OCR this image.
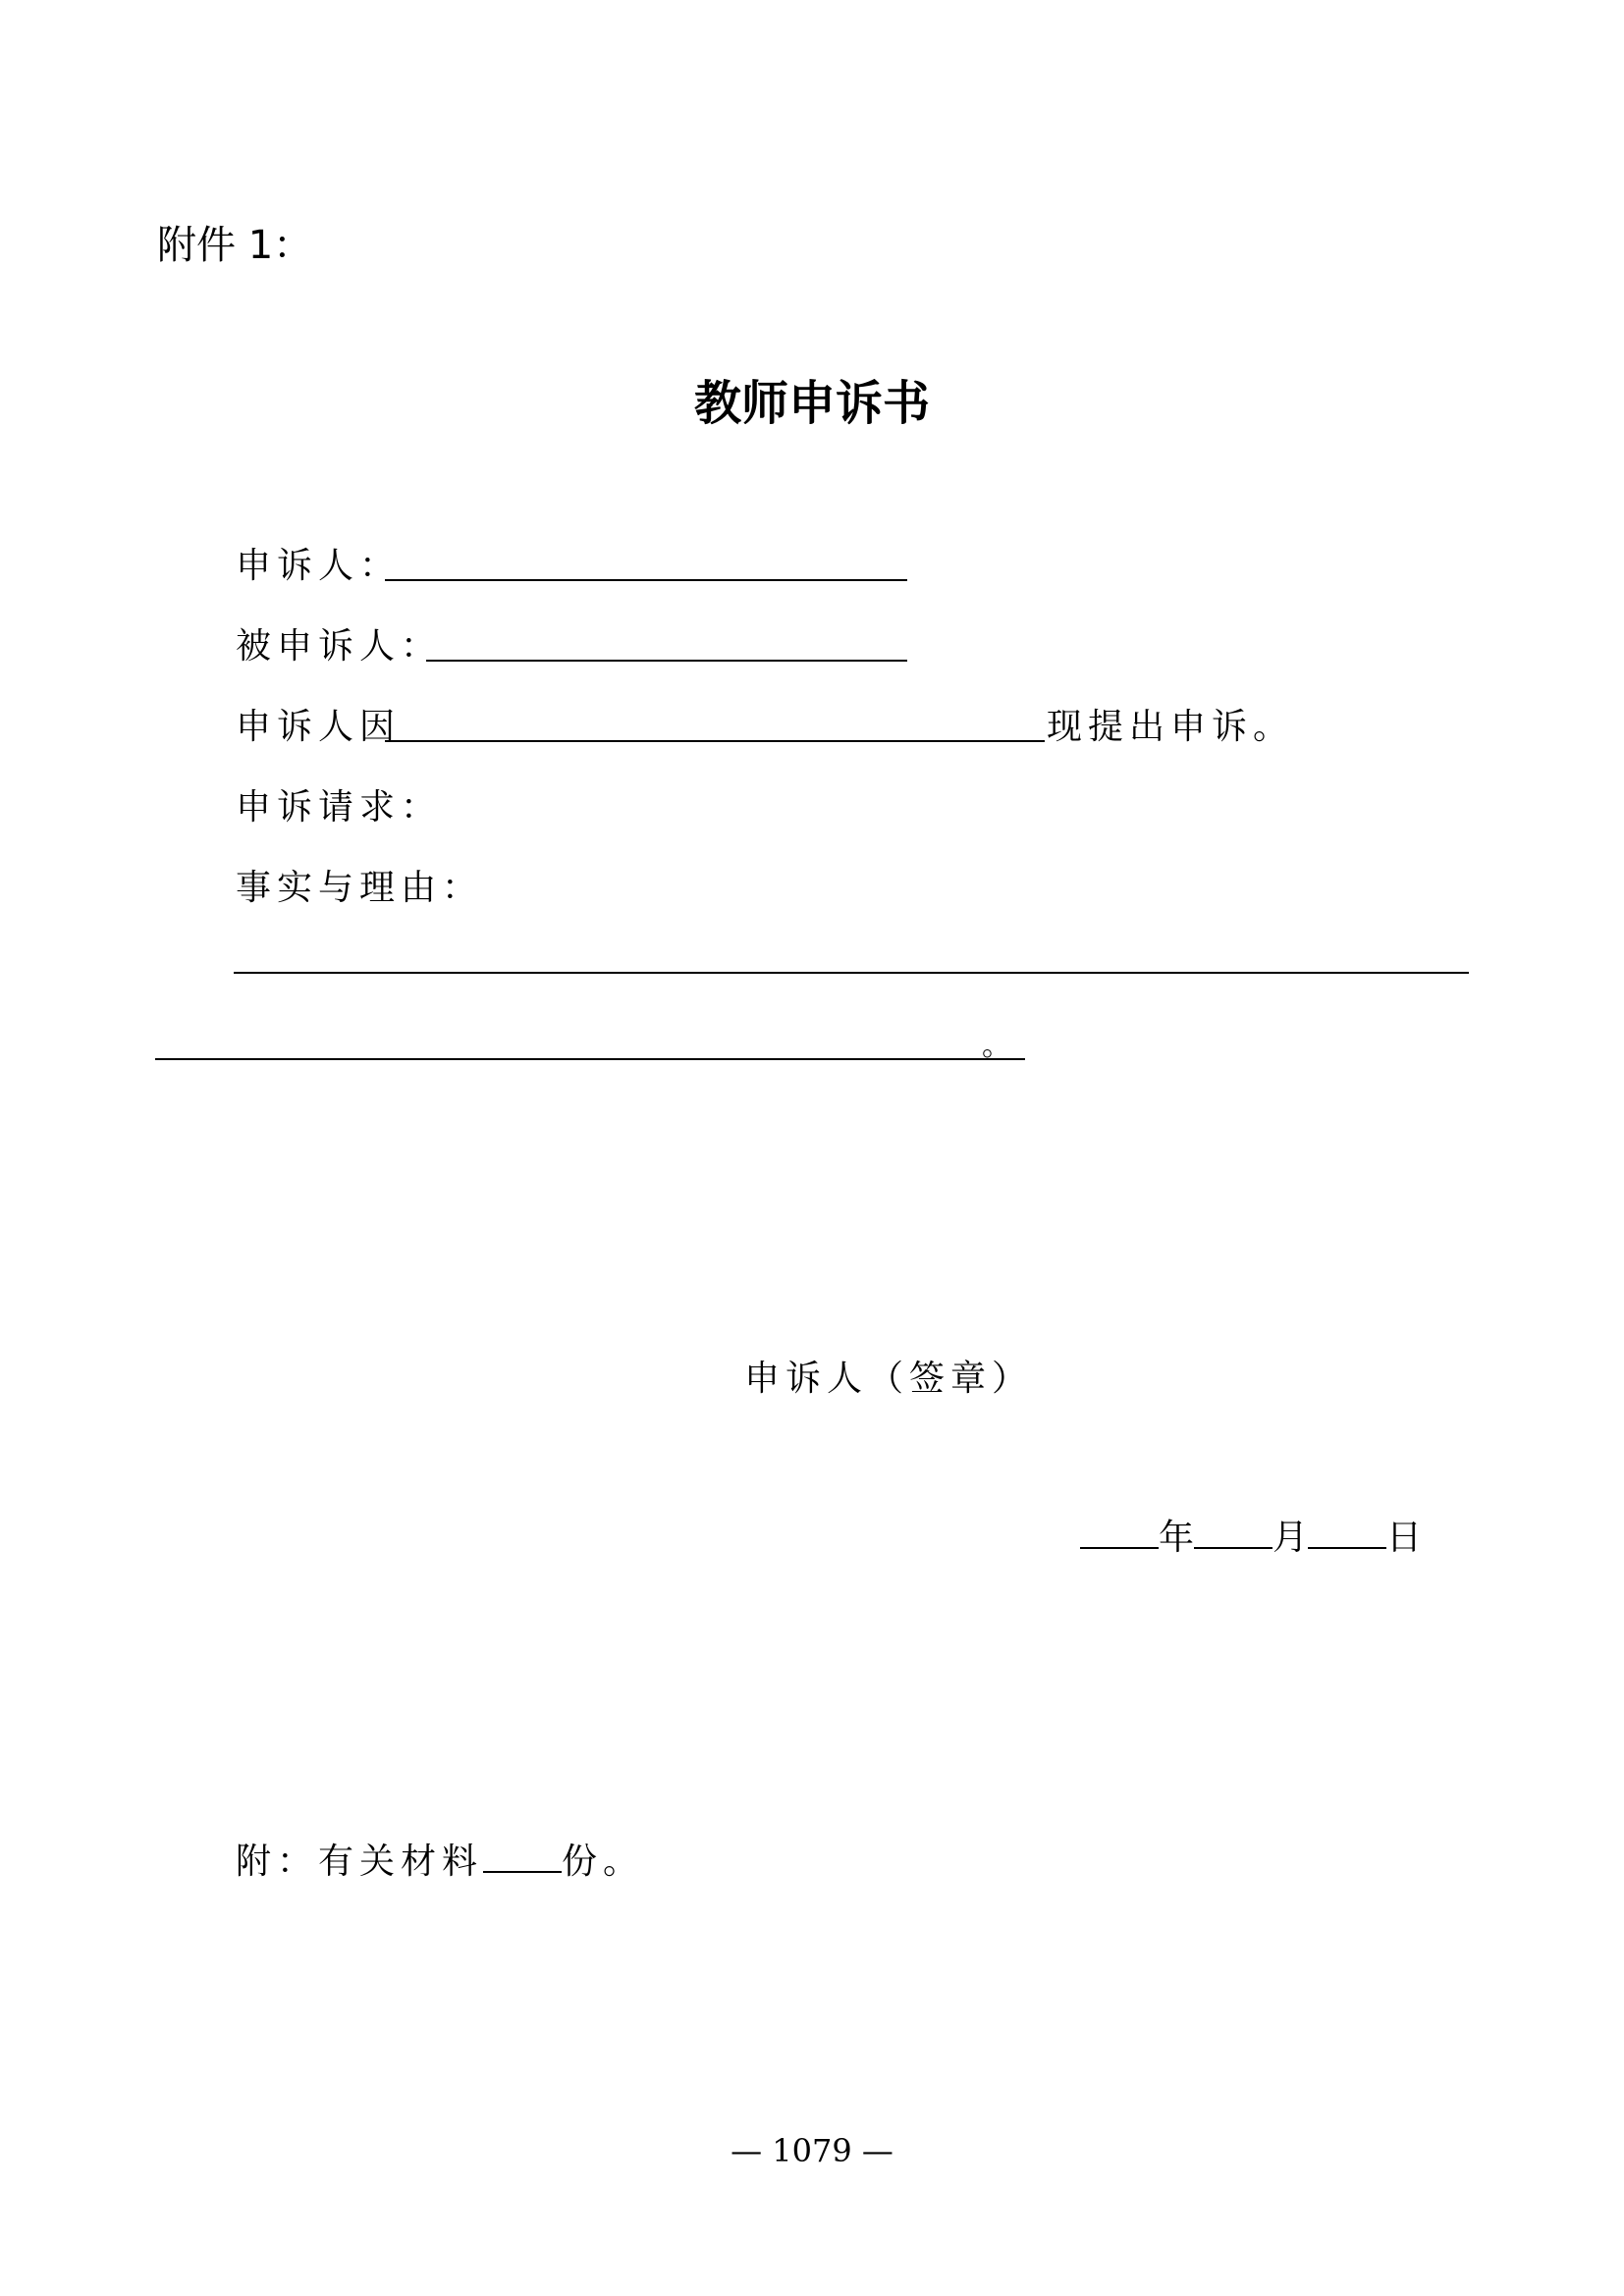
附件 1：
教师申诉书
申诉人：
被申诉人：
申诉人因	现提出申诉。
申诉请求：
事实与理由：
。
申诉人（签章）
年 月 日
附：有关材料 份。
— 1079 —
